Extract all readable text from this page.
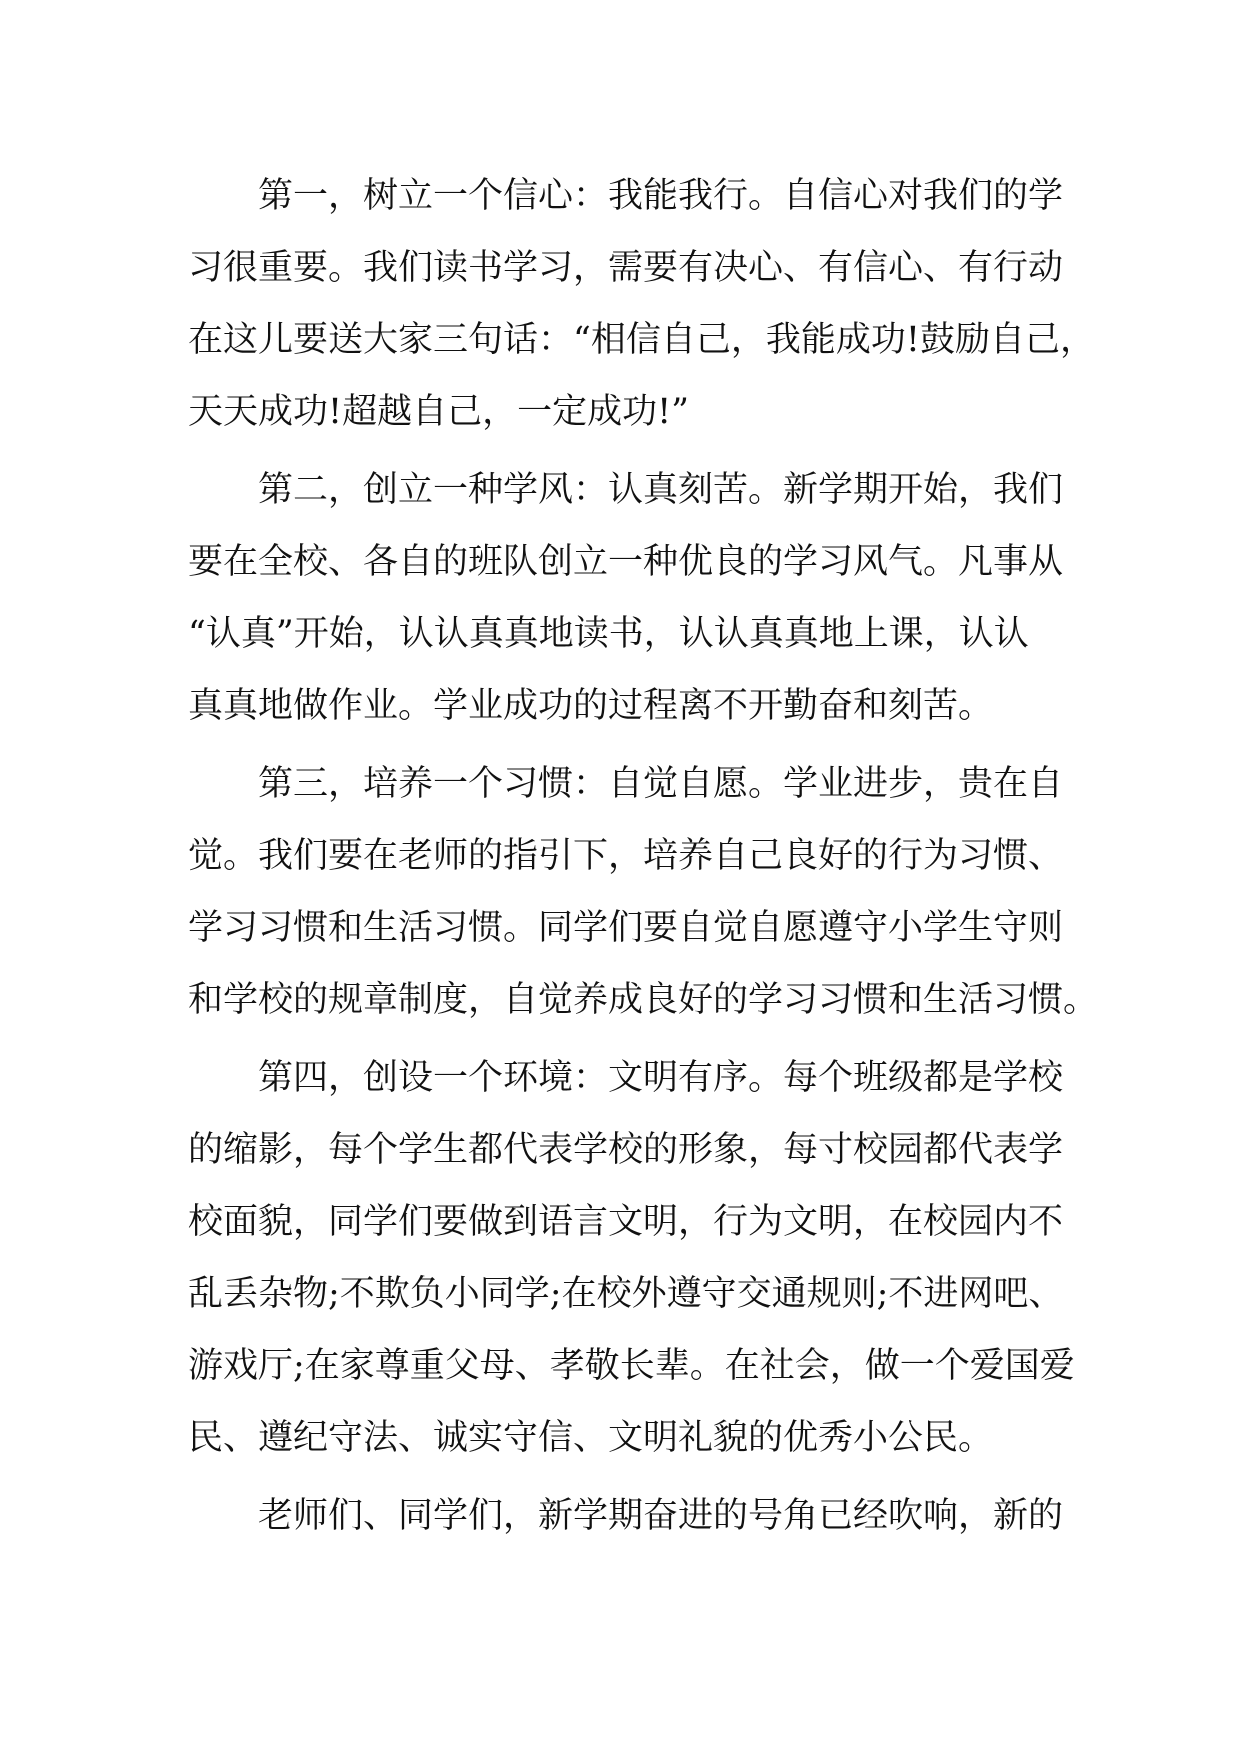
第一，树立一个信心：我能我行。自信心对我们的学

习很重要。我们读书学习，需要有决心、有信心、有行动

在这儿要送大家三句话：“相信自己，我能成功!鼓励自己，

天天成功!超越自己，一定成功!”

第二，创立一种学风：认真刻苦。新学期开始，我们

要在全校、各自的班队创立一种优良的学习风气。凡事从

“认真”开始，认认真真地读书，认认真真地上课，认认

真真地做作业。学业成功的过程离不开勤奋和刻苦。

第三，培养一个习惯：自觉自愿。学业进步，贵在自

觉。我们要在老师的指引下，培养自己良好的行为习惯、

学习习惯和生活习惯。同学们要自觉自愿遵守小学生守则

和学校的规章制度，自觉养成良好的学习习惯和生活习惯。

第四，创设一个环境：文明有序。每个班级都是学校

的缩影，每个学生都代表学校的形象，每寸校园都代表学

校面貌，同学们要做到语言文明，行为文明，在校园内不

乱丢杂物;不欺负小同学;在校外遵守交通规则;不进网吧、

游戏厅;在家尊重父母、孝敬长辈。在社会，做一个爱国爱

民、遵纪守法、诚实守信、文明礼貌的优秀小公民。

老师们、同学们，新学期奋进的号角已经吹响，新的
